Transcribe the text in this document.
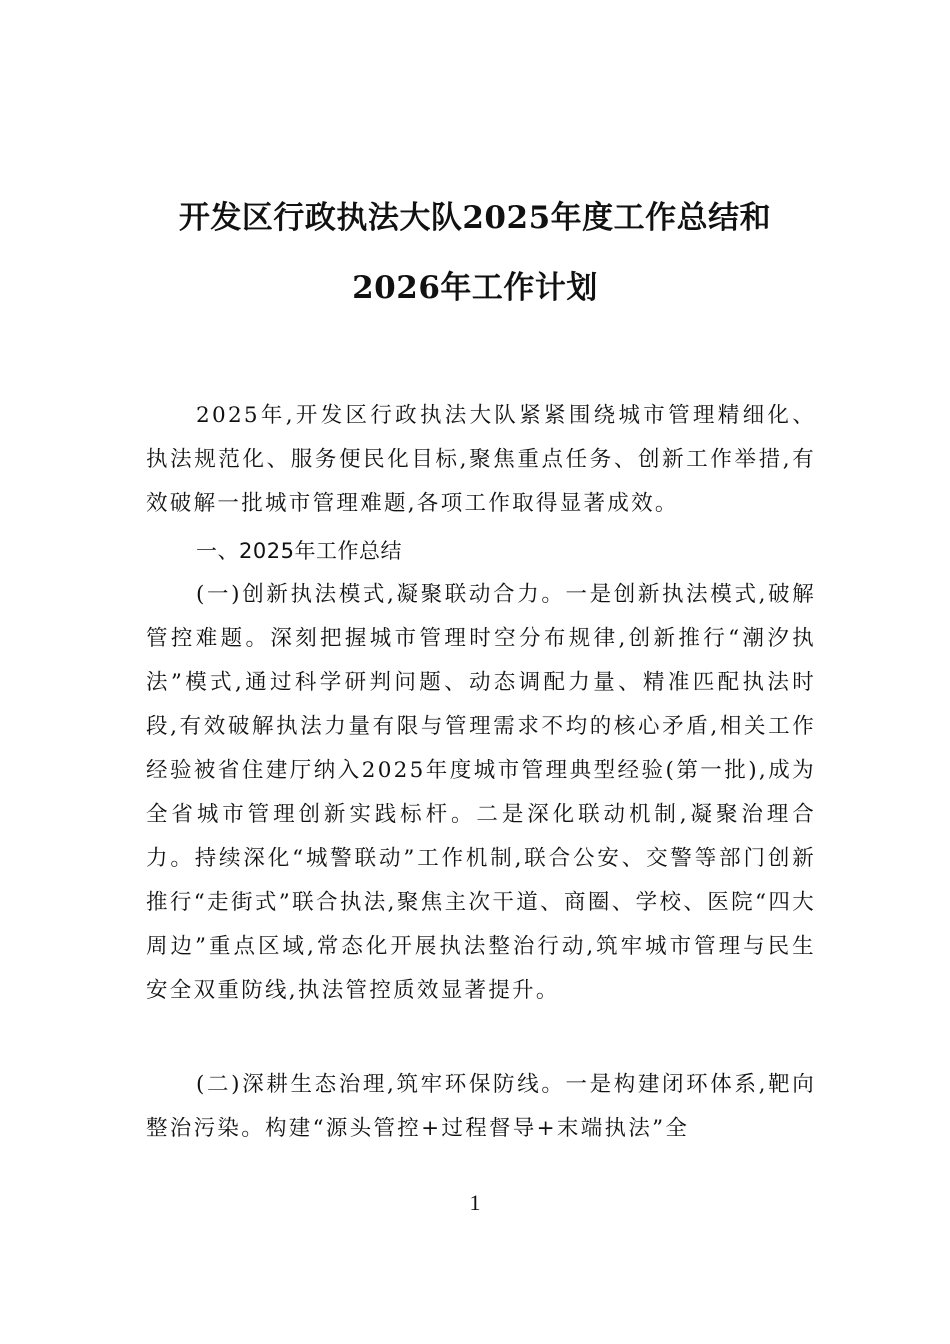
开发区行政执法大队2025年度工作总结和
2026年工作计划

2025年,开发区行政执法大队紧紧围绕城市管理精细化、执法规范化、服务便民化目标,聚焦重点任务、创新工作举措,有效破解一批城市管理难题,各项工作取得显著成效。

一、2025年工作总结

(一)创新执法模式,凝聚联动合力。一是创新执法模式,破解管控难题。深刻把握城市管理时空分布规律,创新推行“潮汐执法”模式,通过科学研判问题、动态调配力量、精准匹配执法时段,有效破解执法力量有限与管理需求不均的核心矛盾,相关工作经验被省住建厅纳入2025年度城市管理典型经验(第一批),成为全省城市管理创新实践标杆。二是深化联动机制,凝聚治理合力。持续深化“城警联动”工作机制,联合公安、交警等部门创新推行“走街式”联合执法,聚焦主次干道、商圈、学校、医院“四大周边”重点区域,常态化开展执法整治行动,筑牢城市管理与民生安全双重防线,执法管控质效显著提升。

(二)深耕生态治理,筑牢环保防线。一是构建闭环体系,靶向整治污染。构建“源头管控+过程督导+末端执法”全

1
